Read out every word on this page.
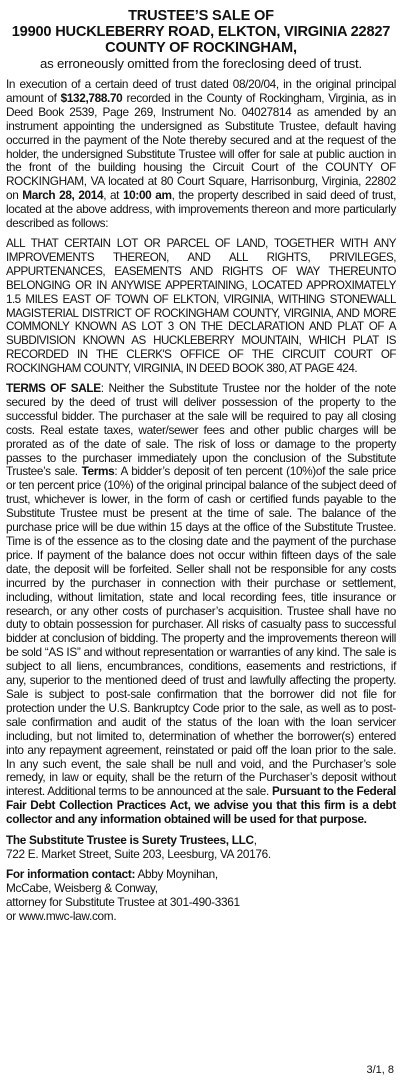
TRUSTEE’S SALE OF
19900 HUCKLEBERRY ROAD, ELKTON, VIRGINIA 22827
COUNTY OF ROCKINGHAM,
as erroneously omitted from the foreclosing deed of trust.

In execution of a certain deed of trust dated 08/20/04, in the original principal amount of $132,788.70 recorded in the County of Rockingham, Virginia, as in Deed Book 2539, Page 269, Instrument No. 04027814 as amended by an instrument appointing the undersigned as Substitute Trustee, default having occurred in the payment of the Note thereby secured and at the request of the holder, the undersigned Substitute Trustee will offer for sale at public auction in the front of the building housing the Circuit Court of the COUNTY OF ROCKINGHAM, VA located at 80 Court Square, Harrisonburg, Virginia, 22802 on March 28, 2014, at 10:00 am, the property described in said deed of trust, located at the above address, with improvements thereon and more particularly described as follows:

ALL THAT CERTAIN LOT OR PARCEL OF LAND, TOGETHER WITH ANY IMPROVEMENTS THEREON, AND ALL RIGHTS, PRIVILEGES, APPURTENANCES, EASEMENTS AND RIGHTS OF WAY THEREUNTO BELONGING OR IN ANYWISE APPERTAINING, LOCATED APPROXIMATELY 1.5 MILES EAST OF TOWN OF ELKTON, VIRGINIA, WITHING STONEWALL MAGISTERIAL DISTRICT OF ROCKINGHAM COUNTY, VIRGINIA, AND MORE COMMONLY KNOWN AS LOT 3 ON THE DECLARATION AND PLAT OF A SUBDIVISION KNOWN AS HUCKLEBERRY MOUNTAIN, WHICH PLAT IS RECORDED IN THE CLERK'S OFFICE OF THE CIRCUIT COURT OF ROCKINGHAM COUNTY, VIRGINIA, IN DEED BOOK 380, AT PAGE 424.

TERMS OF SALE: Neither the Substitute Trustee nor the holder of the note secured by the deed of trust will deliver possession of the property to the successful bidder. The purchaser at the sale will be required to pay all closing costs. Real estate taxes, water/sewer fees and other public charges will be prorated as of the date of sale. The risk of loss or damage to the property passes to the purchaser immediately upon the conclusion of the Substitute Trustee’s sale. Terms: A bidder’s deposit of ten percent (10%)of the sale price or ten percent price (10%) of the original principal balance of the subject deed of trust, whichever is lower, in the form of cash or certified funds payable to the Substitute Trustee must be present at the time of sale. The balance of the purchase price will be due within 15 days at the office of the Substitute Trustee. Time is of the essence as to the closing date and the payment of the purchase price. If payment of the balance does not occur within fifteen days of the sale date, the deposit will be forfeited. Seller shall not be responsible for any costs incurred by the purchaser in connection with their purchase or settlement, including, without limitation, state and local recording fees, title insurance or research, or any other costs of purchaser’s acquisition. Trustee shall have no duty to obtain possession for purchaser. All risks of casualty pass to successful bidder at conclusion of bidding. The property and the improvements thereon will be sold “AS IS” and without representation or warranties of any kind. The sale is subject to all liens, encumbrances, conditions, easements and restrictions, if any, superior to the mentioned deed of trust and lawfully affecting the property. Sale is subject to post-sale confirmation that the borrower did not file for protection under the U.S. Bankruptcy Code prior to the sale, as well as to post-sale confirmation and audit of the status of the loan with the loan servicer including, but not limited to, determination of whether the borrower(s) entered into any repayment agreement, reinstated or paid off the loan prior to the sale. In any such event, the sale shall be null and void, and the Purchaser’s sole remedy, in law or equity, shall be the return of the Purchaser’s deposit without interest. Additional terms to be announced at the sale. Pursuant to the Federal Fair Debt Collection Practices Act, we advise you that this firm is a debt collector and any information obtained will be used for that purpose.

The Substitute Trustee is Surety Trustees, LLC,
722 E. Market Street, Suite 203, Leesburg, VA 20176.
For information contact: Abby Moynihan,
McCabe, Weisberg & Conway,
attorney for Substitute Trustee at 301-490-3361
or www.mwc-law.com.
3/1, 8
